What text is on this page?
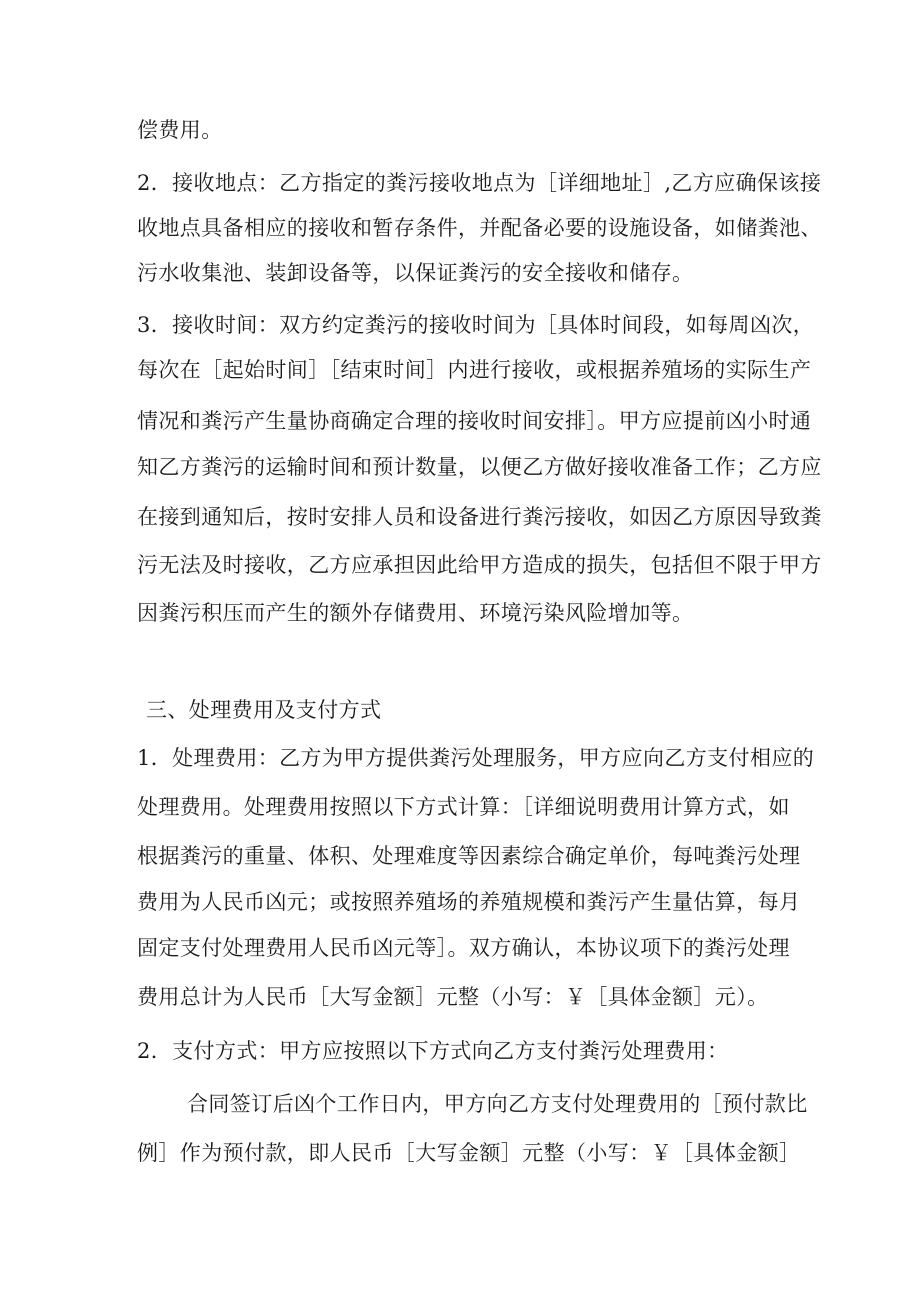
偿费用。
2．接收地点：乙方指定的粪污接收地点为［详细地址］,乙方应确保该接
收地点具备相应的接收和暂存条件，并配备必要的设施设备，如储粪池、
污水收集池、装卸设备等，以保证粪污的安全接收和储存。
3．接收时间：双方约定粪污的接收时间为［具体时间段，如每周凶次，
每次在［起始时间］［结束时间］内进行接收，或根据养殖场的实际生产
情况和粪污产生量协商确定合理的接收时间安排］。甲方应提前凶小时通
知乙方粪污的运输时间和预计数量，以便乙方做好接收准备工作；乙方应
在接到通知后，按时安排人员和设备进行粪污接收，如因乙方原因导致粪
污无法及时接收，乙方应承担因此给甲方造成的损失，包括但不限于甲方
因粪污积压而产生的额外存储费用、环境污染风险增加等。
三、处理费用及支付方式
1．处理费用：乙方为甲方提供粪污处理服务，甲方应向乙方支付相应的
处理费用。处理费用按照以下方式计算：［详细说明费用计算方式，如
根据粪污的重量、体积、处理难度等因素综合确定单价，每吨粪污处理
费用为人民币凶元；或按照养殖场的养殖规模和粪污产生量估算，每月
固定支付处理费用人民币凶元等］。双方确认，本协议项下的粪污处理
费用总计为人民币［大写金额］元整（小写：￥［具体金额］元）。
2．支付方式：甲方应按照以下方式向乙方支付粪污处理费用：
合同签订后凶个工作日内，甲方向乙方支付处理费用的［预付款比
例］作为预付款，即人民币［大写金额］元整（小写：￥［具体金额］
